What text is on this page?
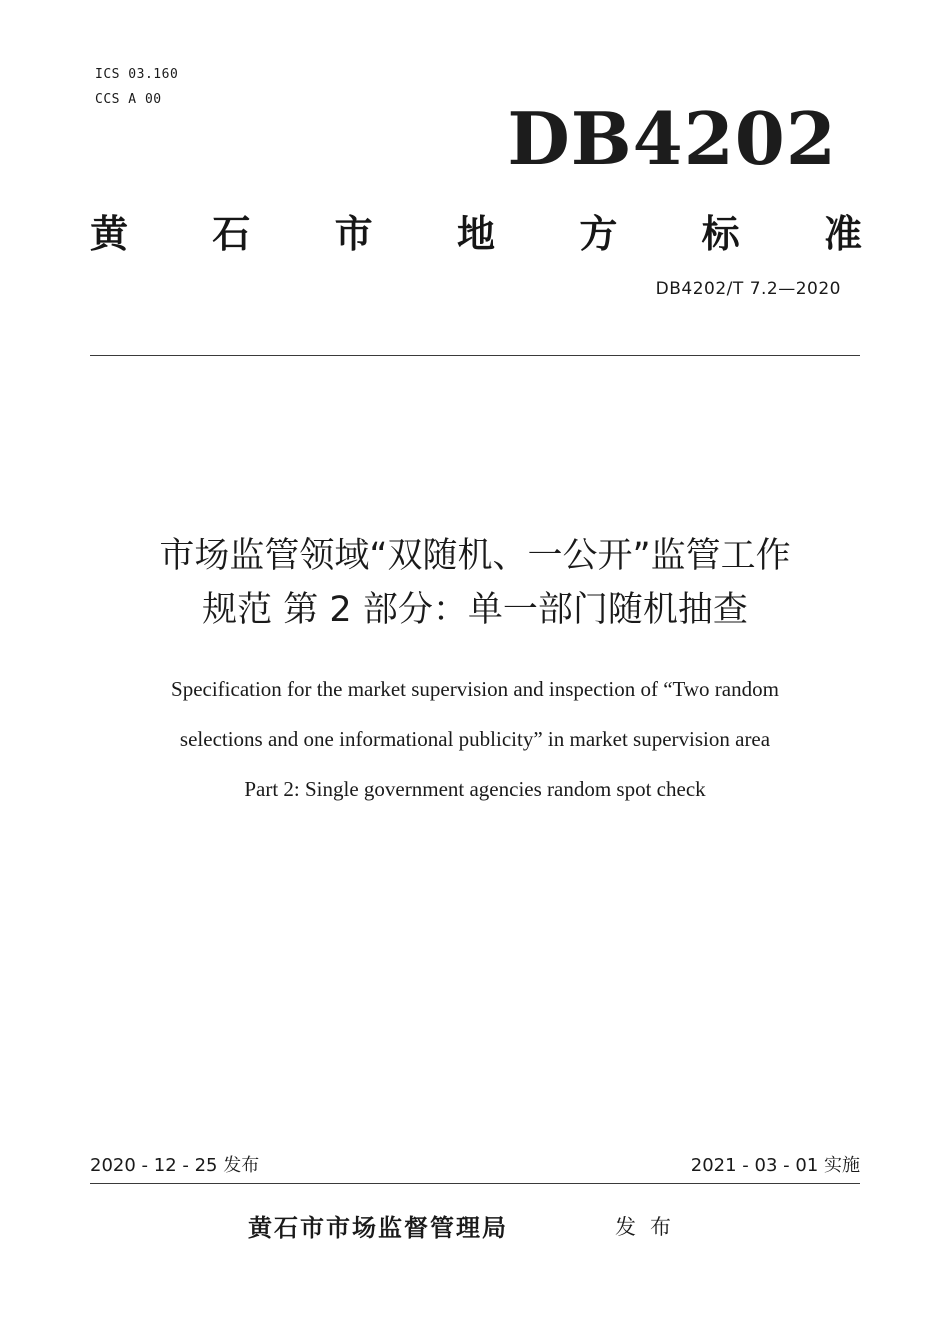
ICS 03.160
CCS A 00	DB4202
黄 石 市 地 方 标 准
DB4202/T 7.2—2020
市场监管领域“双随机、一公开”监管工作
规范 第 2 部分：单一部门随机抽查
Specification for the market supervision and inspection of “Two random
selections and one informational publicity” in market supervision area
Part 2: Single government agencies random spot check
2020 - 12 - 25 发布	2021 - 03 - 01 实施
黄石市市场监督管理局	发布
